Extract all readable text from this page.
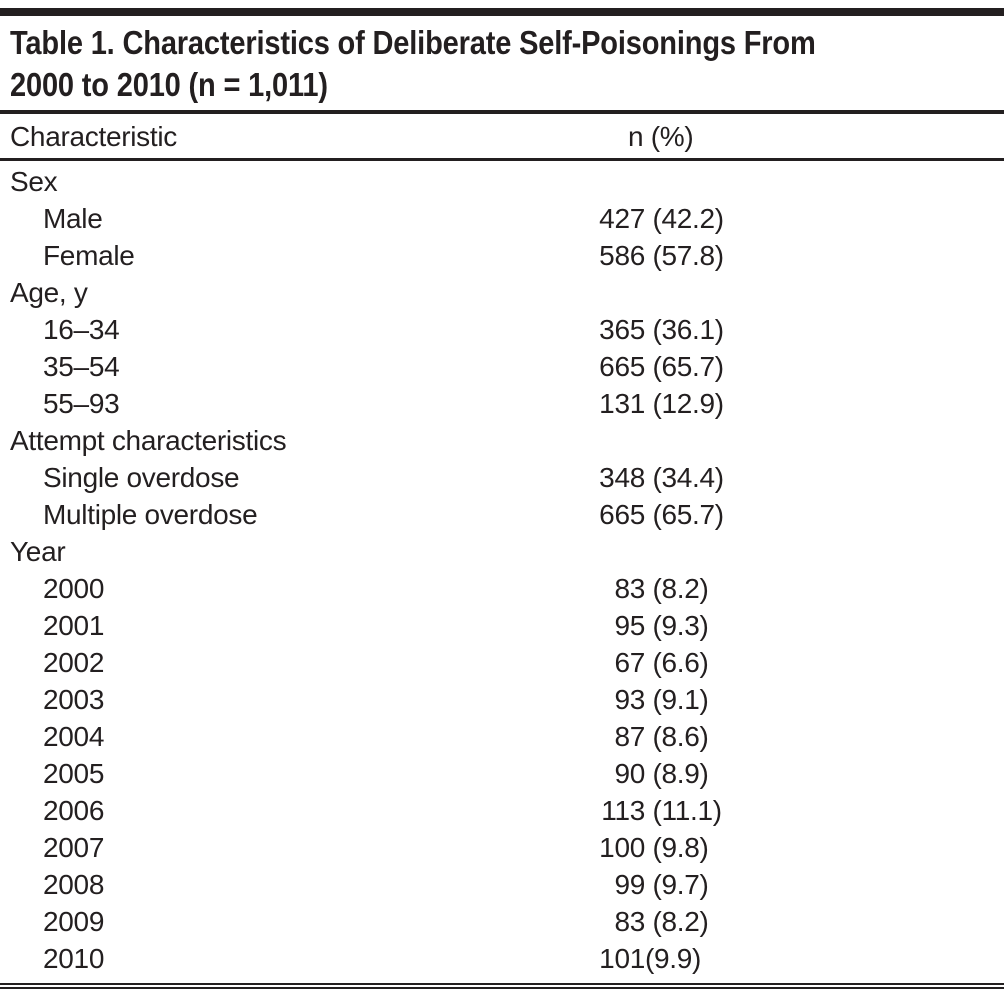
Table 1. Characteristics of Deliberate Self-Poisonings From
2000 to 2010 (n = 1,011)
Characteristic	n (%)
Sex
Male	427 (42.2)
Female	586 (57.8)
Age, y
16–34	365 (36.1)
35–54	665 (65.7)
55–93	131 (12.9)
Attempt characteristics
Single overdose	348 (34.4)
Multiple overdose	665 (65.7)
Year
2000	83 (8.2)
2001	95 (9.3)
2002	67 (6.6)
2003	93 (9.1)
2004	87 (8.6)
2005	90 (8.9)
2006	113 (11.1)
2007	100 (9.8)
2008	99 (9.7)
2009	83 (8.2)
2010	101 (9.9)
